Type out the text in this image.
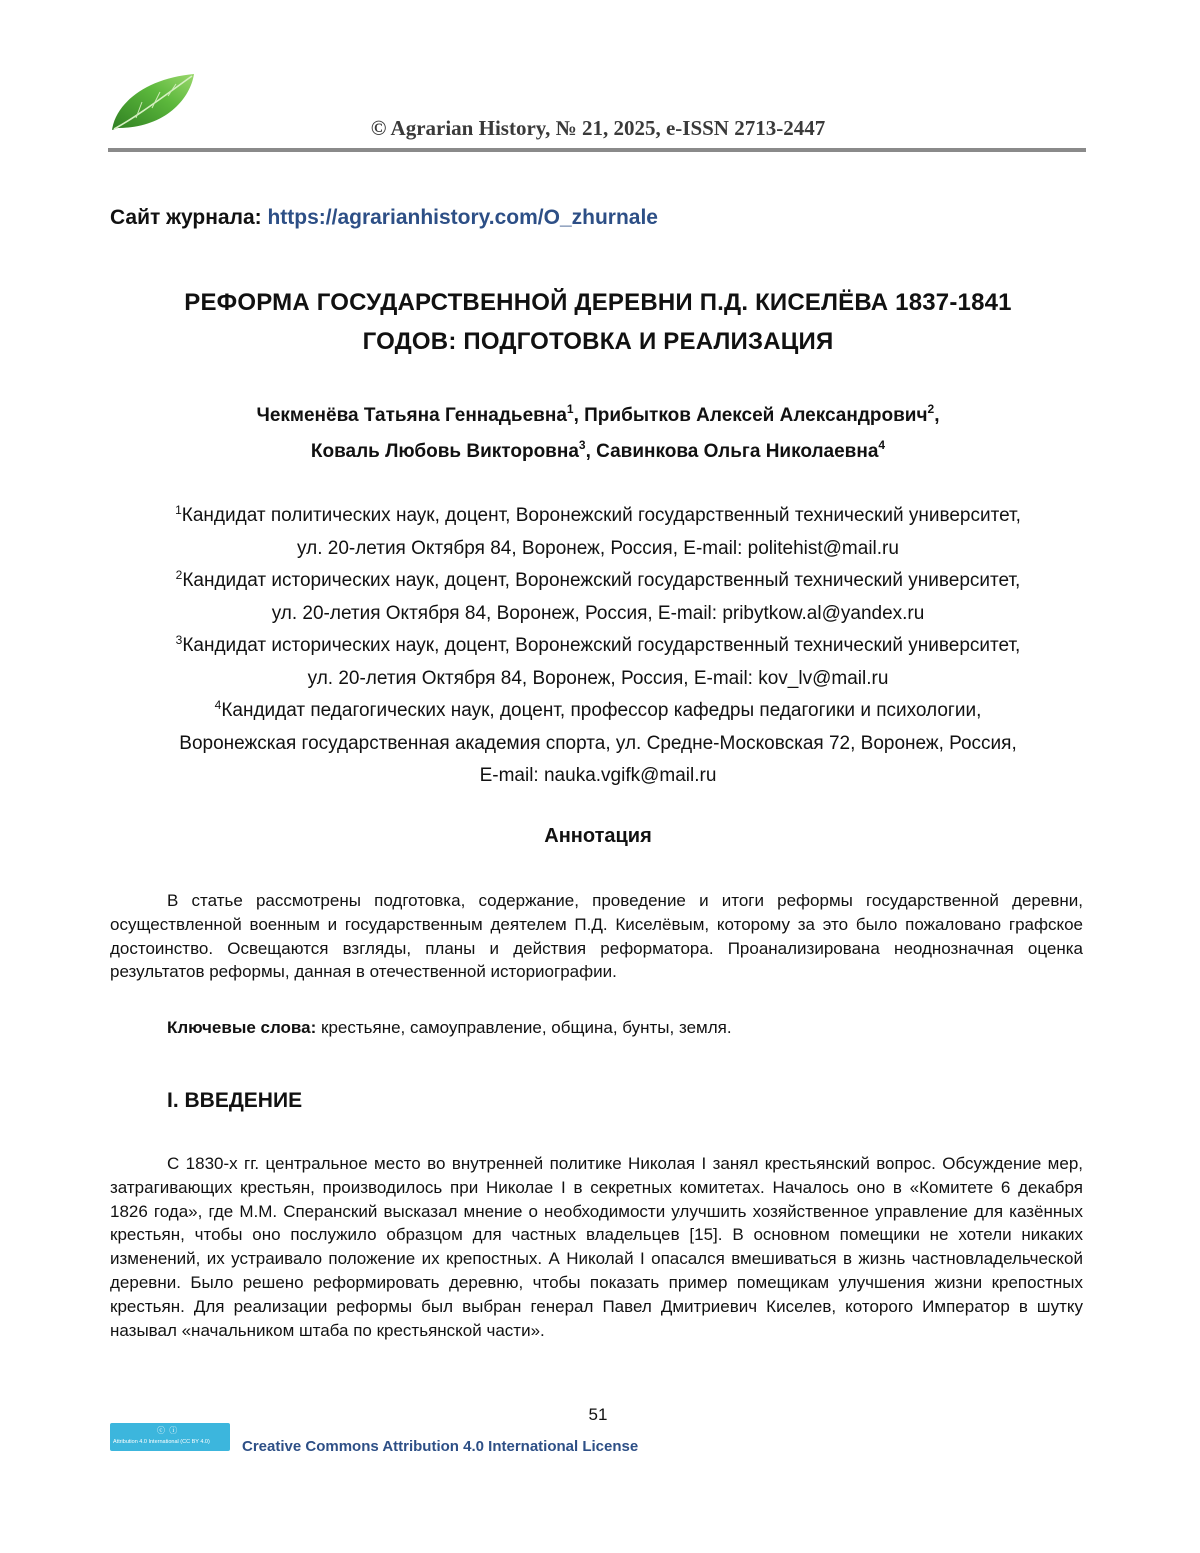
© Agrarian History, № 21, 2025, e-ISSN 2713-2447
Сайт журнала: https://agrarianhistory.com/O_zhurnale
РЕФОРМА ГОСУДАРСТВЕННОЙ ДЕРЕВНИ П.Д. КИСЕЛЁВА 1837-1841
ГОДОВ: ПОДГОТОВКА И РЕАЛИЗАЦИЯ
Чекменёва Татьяна Геннадьевна$^1$, Прибытков Алексей Александрович$^2$,
Коваль Любовь Викторовна$^3$, Савинкова Ольга Николаевна$^4$
$^1$Кандидат политических наук, доцент, Воронежский государственный технический университет,
ул. 20-летия Октября 84, Воронеж, Россия, E-mail: politehist@mail.ru
$^2$Кандидат исторических наук, доцент, Воронежский государственный технический университет,
ул. 20-летия Октября 84, Воронеж, Россия, E-mail: pribytkow.al@yandex.ru
$^3$Кандидат исторических наук, доцент, Воронежский государственный технический университет,
ул. 20-летия Октября 84, Воронеж, Россия, E-mail: kov_lv@mail.ru
$^4$Кандидат педагогических наук, доцент, профессор кафедры педагогики и психологии,
Воронежская государственная академия спорта, ул. Средне-Московская 72, Воронеж, Россия,
E-mail: nauka.vgifk@mail.ru
Аннотация
В статье рассмотрены подготовка, содержание, проведение и итоги реформы государственной деревни, осуществленной военным и государственным деятелем П.Д. Киселёвым, которому за это было пожаловано графское достоинство. Освещаются взгляды, планы и действия реформатора. Проанализирована неоднозначная оценка результатов реформы, данная в отечественной историографии.
Ключевые слова: крестьяне, самоуправление, община, бунты, земля.
I. ВВЕДЕНИЕ
С 1830-х гг. центральное место во внутренней политике Николая I занял крестьянский вопрос. Обсуждение мер, затрагивающих крестьян, производилось при Николае I в секретных комитетах. Началось оно в «Комитете 6 декабря 1826 года», где М.М. Сперанский высказал мнение о необходимости улучшить хозяйственное управление для казённых крестьян, чтобы оно послужило образцом для частных владельцев [15]. В основном помещики не хотели никаких изменений, их устраивало положение их крепостных. А Николай I опасался вмешиваться в жизнь частновладельческой деревни. Было решено реформировать деревню, чтобы показать пример помещикам улучшения жизни крепостных крестьян. Для реализации реформы был выбран генерал Павел Дмитриевич Киселев, которого Император в шутку называл «начальником штаба по крестьянской части».
51
ⓒ ⓘ
Attribution 4.0 International (CC BY 4.0) Creative Commons Attribution 4.0 International License
